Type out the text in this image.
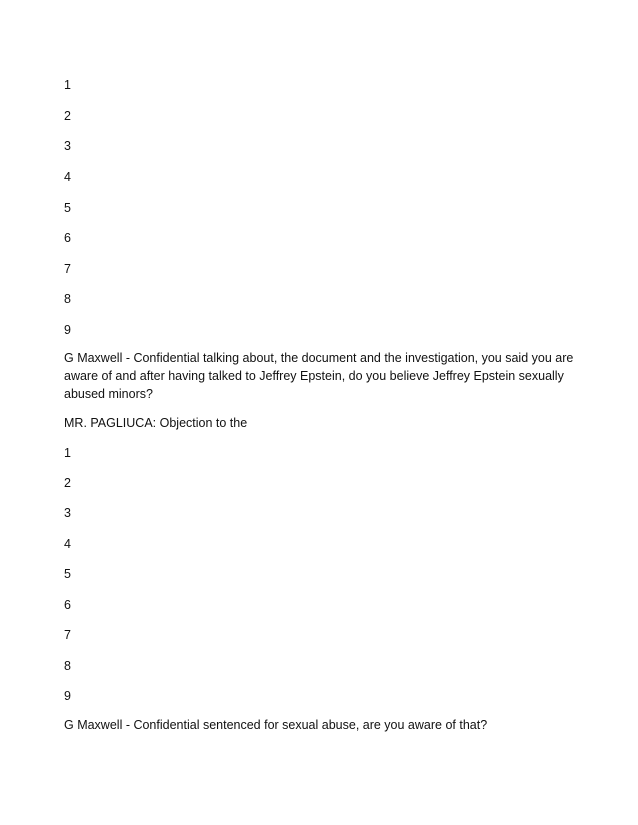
1
2
3
4
5
6
7
8
9
G Maxwell - Confidential talking about, the document and the investigation, you said you are
aware of and after having talked to Jeffrey Epstein, do you believe Jeffrey Epstein sexually
abused minors?
MR. PAGLIUCA: Objection to the
1
2
3
4
5
6
7
8
9
G Maxwell - Confidential sentenced for sexual abuse, are you aware of that?
